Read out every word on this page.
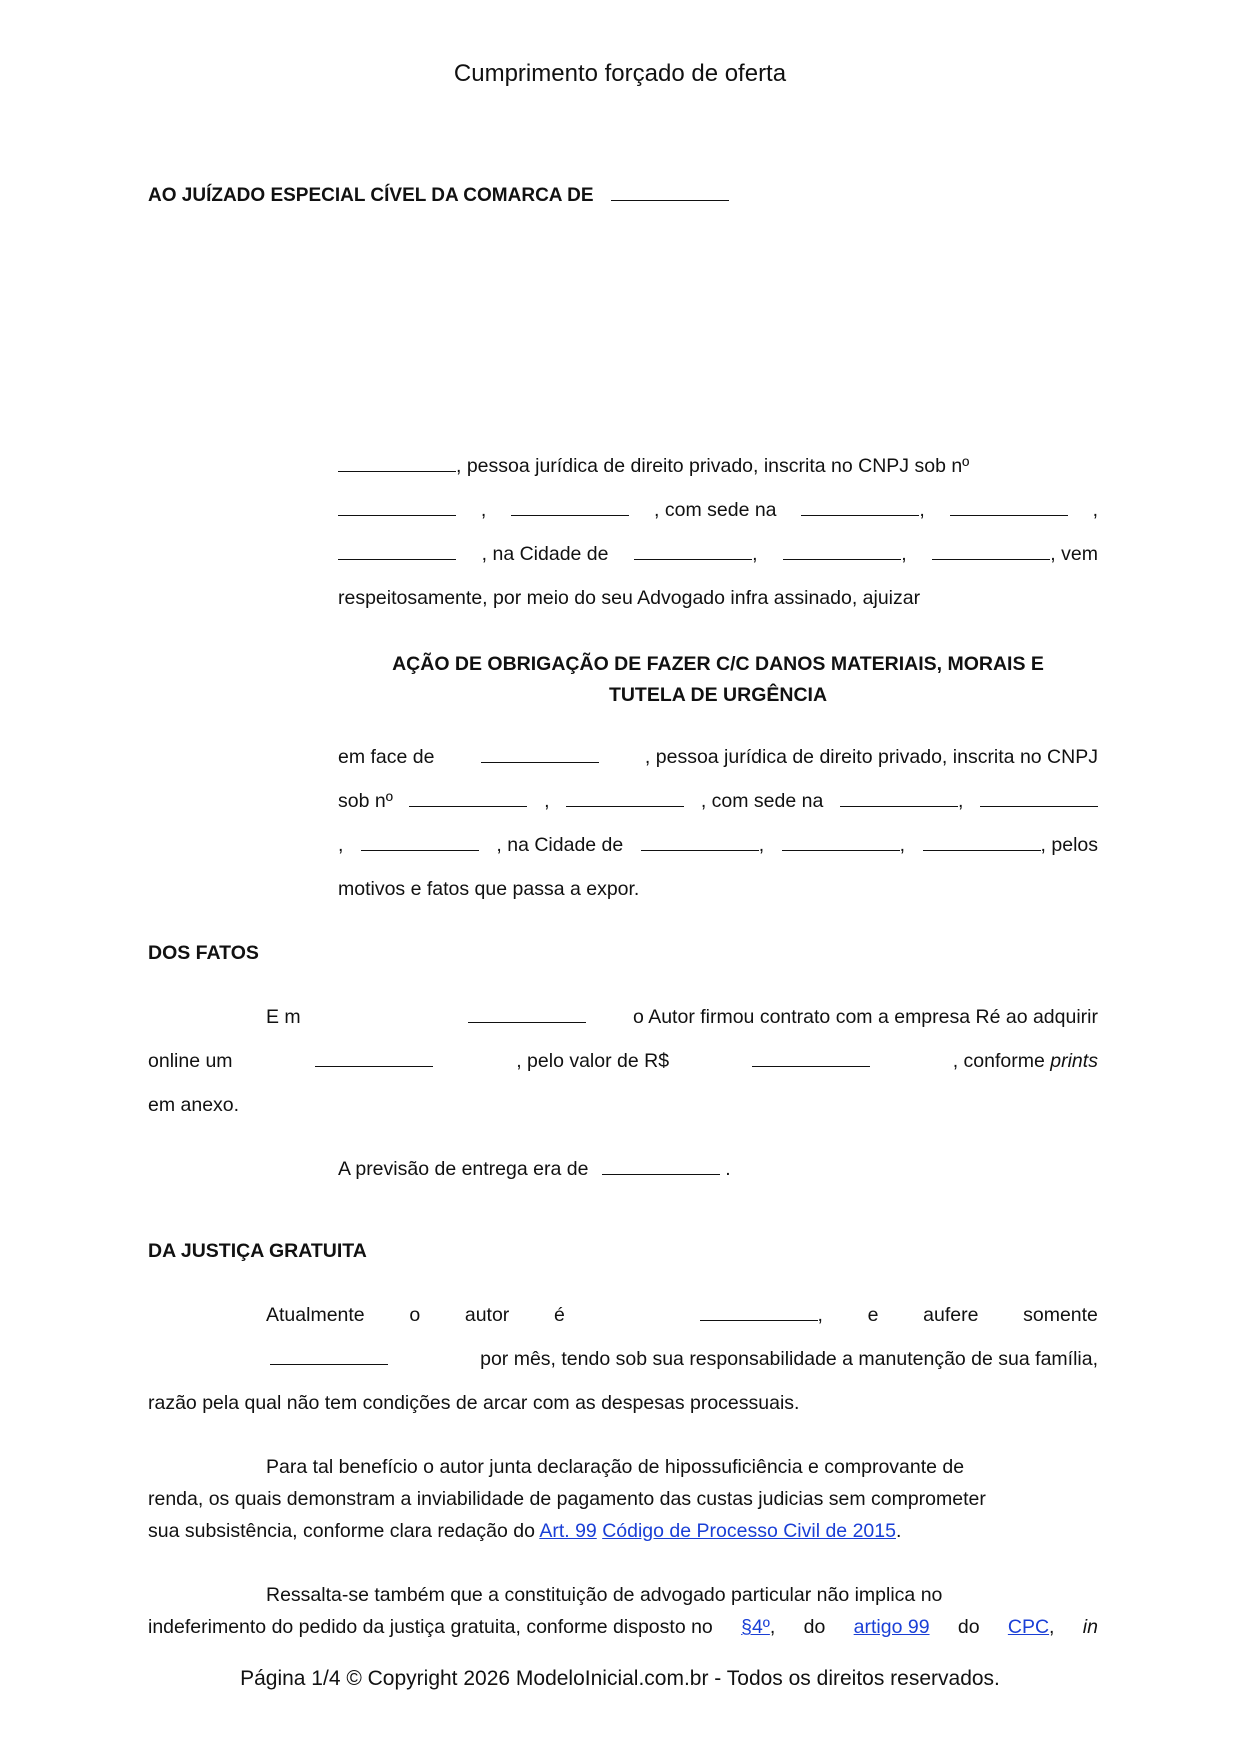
Cumprimento forçado de oferta
AO JUÍZADO ESPECIAL CÍVEL DA COMARCA DE
, pessoa jurídica de direito privado, inscrita no CNPJ sob nº
,	, com sede na	,	,
, na Cidade de	,	,	, vem
respeitosamente, por meio do seu Advogado infra assinado, ajuizar
AÇÃO DE OBRIGAÇÃO DE FAZER C/C DANOS MATERIAIS, MORAIS E
TUTELA DE URGÊNCIA
em face de	, pessoa jurídica de direito privado, inscrita no CNPJ
sob nº	,	, com sede na	,
,	, na Cidade de	,	,	, pelos
motivos e fatos que passa a expor.
DOS FATOS
E m	o Autor firmou contrato com a empresa Ré ao adquirir
online um	, pelo valor de R$	, conforme prints
em anexo.
A previsão de entrega era de	.
DA JUSTIÇA GRATUITA
Atualmente o autor é	, e aufere somente
por mês, tendo sob sua responsabilidade a manutenção de sua família,
razão pela qual não tem condições de arcar com as despesas processuais.
Para tal benefício o autor junta declaração de hipossuficiência e comprovante de
renda, os quais demonstram a inviabilidade de pagamento das custas judicias sem comprometer
sua subsistência, conforme clara redação do Art. 99 Código de Processo Civil de 2015.
Ressalta-se também que a constituição de advogado particular não implica no
indeferimento do pedido da justiça gratuita, conforme disposto no §4º, do artigo 99 do CPC, in
Página 1/4 © Copyright 2026 ModeloInicial.com.br - Todos os direitos reservados.
